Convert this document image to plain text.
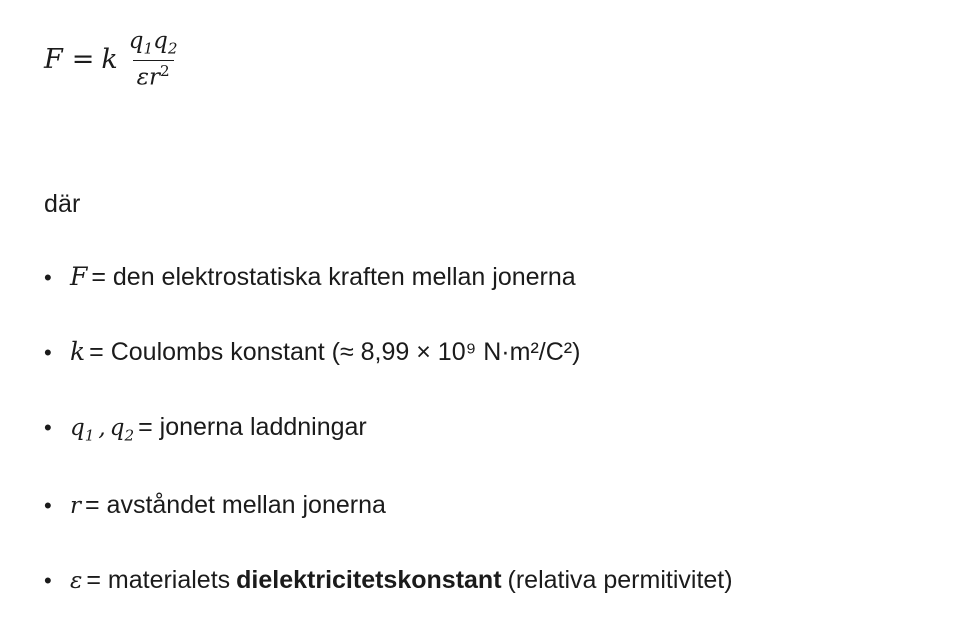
F = k $\frac{q_1q_2}{\varepsilon r^2}$
där
• F = den elektrostatiska kraften mellan jonerna
• k = Coulombs konstant (≈ 8,99 × 10⁹ N·m²/C²)
• $q_1$ , $q_2$ = jonerna laddningar
• r = avståndet mellan jonerna
• ε = materialets dielektricitetskonstant (relativa permitivitet)
